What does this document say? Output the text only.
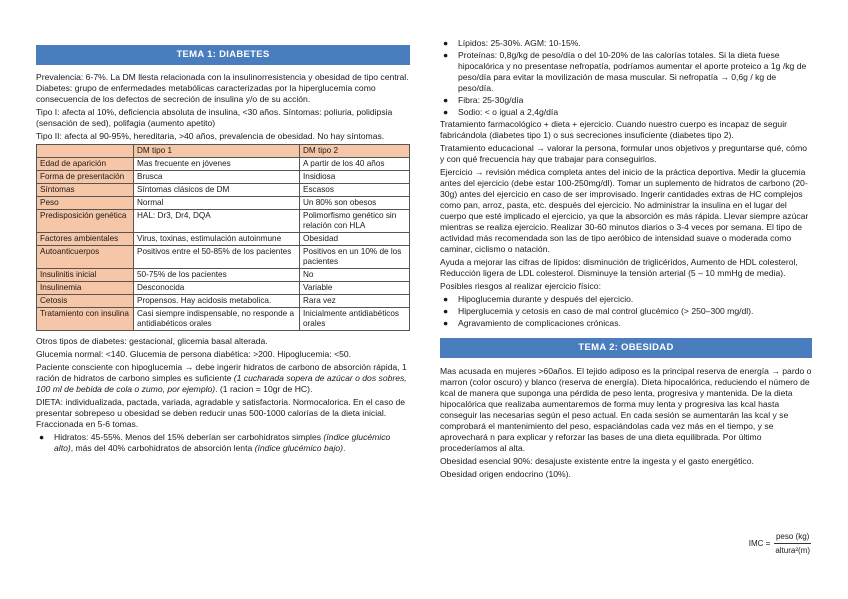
TEMA 1: DIABETES

Prevalencia: 6-7%. La DM llesta relacionada con la insulinorresistencia y obesidad de tipo central. Diabetes: grupo de enfermedades metabólicas caracterizadas por la hiperglucemia como consecuencia de los defectos de secreción de insulina y/o de su acción.

Tipo I: afecta al 10%, deficiencia absoluta de insulina, <30 años. Síntomas: poliuria, polidipsia (sensación de sed), polifagia (aumento apetito)

Tipo II: afecta al 90-95%, hereditaria, >40 años, prevalencia de obesidad. No hay síntomas.

	DM tipo 1	DM tipo 2
Edad de aparición	Mas frecuente en jóvenes	A partir de los 40 años
Forma de presentación	Brusca	Insidiosa
Síntomas	Síntomas clásicos de DM	Escasos
Peso	Normal	Un 80% son obesos
Predisposición genética	HAL: Dr3, Dr4, DQA	Polimorfismo genético sin relación con HLA
Factores ambientales	Virus, toxinas, estimulación autoinmune	Obesidad
Autoanticuerpos	Positivos entre el 50-85% de los pacientes	Positivos en un 10% de los pacientes
Insulinitis inicial	50-75% de los pacientes	No
Insulinemia	Desconocida	Variable
Cetosis	Propensos. Hay acidosis metabolica.	Rara vez
Tratamiento con insulina	Casi siempre indispensable, no responde a antidiabéticos orales	Inicialmente antidiabéticos orales

Otros tipos de diabetes: gestacional, glicemia basal alterada.

Glucemia normal: <140. Glucemia de persona diabética: >200. Hipoglucemia: <50.

Paciente consciente con hipoglucemia → debe ingerir hidratos de carbono de absorción rápida, 1 ración de hidratos de carbono simples es suficiente (1 cucharada sopera de azúcar o dos sobres, 100 ml de bebida de cola o zumo, por ejemplo). (1 racion = 10gr de HC).

DIETA: individualizada, pactada, variada, agradable y satisfactoria. Normocalorica. En el caso de presentar sobrepeso u obesidad se deben reducir unas 500-1000 calorías de la dieta inicial. Fraccionada en 5-6 tomas.

● Hidratos: 45-55%. Menos del 15% deberían ser carbohidratos simples (índice glucémico alto), más del 40% carbohidratos de absorción lenta (índice glucémico bajo).
● Lípidos: 25-30%. AGM: 10-15%.
● Proteínas: 0,8g/kg de peso/día o del 10-20% de las calorías totales. Si la dieta fuese hipocalórica y no presentase nefropatía, podríamos aumentar el aporte proteico a 1g /kg de peso/día para evitar la movilización de masa muscular. Si nefropatía → 0,6g / kg de peso/día.
● Fibra: 25-30g/día
● Sodio: < o igual a 2,4g/día

Tratamiento farmacológico + dieta + ejercicio. Cuando nuestro cuerpo es incapaz de seguir fabricándola (diabetes tipo 1) o sus secreciones insuficiente (diabetes tipo 2).

Tratamiento educacional → valorar la persona, formular unos objetivos y preguntarse qué, cómo y con qué frecuencia hay que trabajar para conseguirlos.

Ejercicio → revisión médica completa antes del inicio de la práctica deportiva. Medir la glucemia antes del ejercicio (debe estar 100-250mg/dl). Tomar un suplemento de hidratos de carbono (20-30g) antes del ejercicio en caso de ser improvisado. Ingerir cantidades extras de HC complejos como pan, arroz, pasta, etc. después del ejercicio. No administrar la insulina en el lugar del cuerpo que esté implicado el ejercicio, ya que la absorción es más rápida. Llevar siempre azúcar mientras se realiza ejercicio. Realizar 30-60 minutos diarios o 3-4 veces por semana. El tipo de actividad más recomendada son las de tipo aeróbico de intensidad suave o moderada como caminar, ciclismo o natación.

Ayuda a mejorar las cifras de lípidos: disminución de triglicéridos, Aumento de HDL colesterol, Reducción ligera de LDL colesterol. Disminuye la tensión arterial (5 – 10 mmHg de media).

Posibles riesgos al realizar ejercicio físico:

● Hipoglucemia durante y después del ejercicio.
● Hiperglucemia y cetosis en caso de mal control glucémico (> 250–300 mg/dl).
● Agravamiento de complicaciones crónicas.
TEMA 2: OBESIDAD

Mas acusada en mujeres >60años. El tejido adiposo es la principal reserva de energía → pardo o marron (color oscuro) y blanco (reserva de energía). Dieta hipocalórica, reduciendo el número de kcal de manera que suponga una pérdida de peso lenta, progresiva y mantenida. De la dieta hipocalórica que realizaba aumentaremos de forma muy lenta y progresiva las kcal hasta conseguir las necesarias según el peso actual. En cada sesión se aumentarán las kcal y se comprobará el mantenimiento del peso, espaciándolas cada vez más en el tiempo, y se aprovechará n para explicar y reforzar las bases de una dieta equilibrada. Por último procederíamos al alta.

Obesidad esencial 90%: desajuste existente entre la ingesta y el gasto energético.

Obesidad origen endocrino (10%).

IMC = $\frac{\text{peso (kg)}}{\text{altura²(m)}}$
